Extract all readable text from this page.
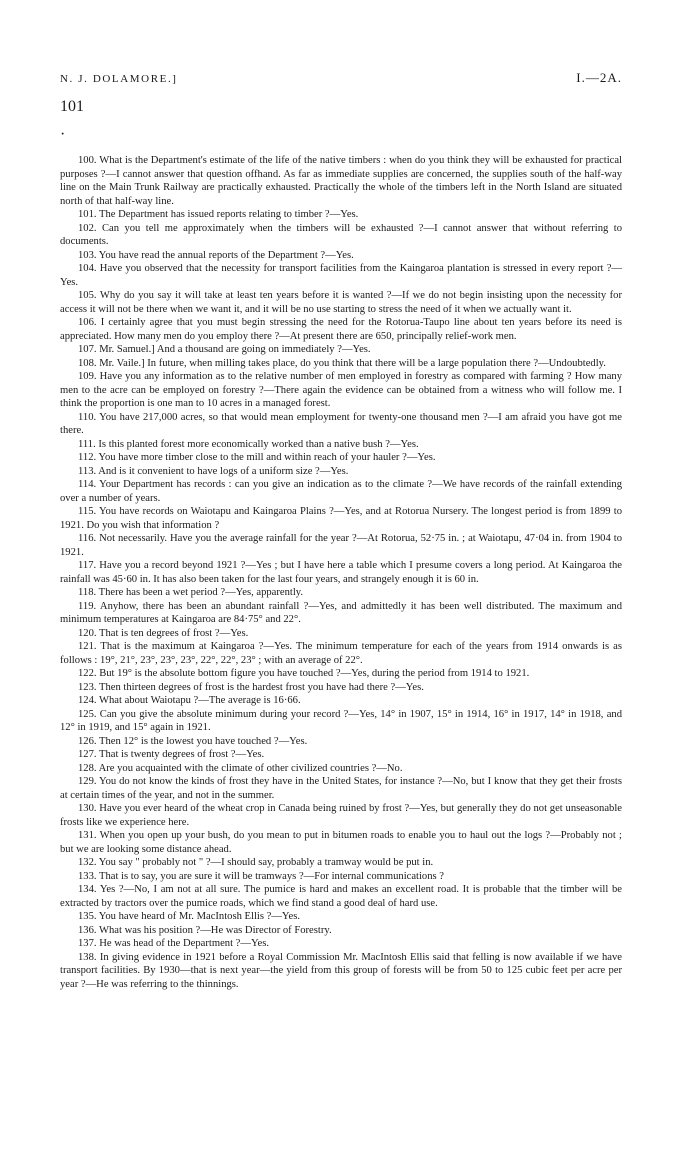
N. J. DOLAMORE.]	I.—2A.
101
·

100. What is the Department's estimate of the life of the native timbers : when do you think they will be exhausted for practical purposes ?—I cannot answer that question offhand. As far as immediate supplies are concerned, the supplies south of the half-way line on the Main Trunk Railway are practically exhausted. Practically the whole of the timbers left in the North Island are situated north of that half-way line.

101. The Department has issued reports relating to timber ?—Yes.

102. Can you tell me approximately when the timbers will be exhausted ?—I cannot answer that without referring to documents.

103. You have read the annual reports of the Department ?—Yes.

104. Have you observed that the necessity for transport facilities from the Kaingaroa plantation is stressed in every report ?—Yes.

105. Why do you say it will take at least ten years before it is wanted ?—If we do not begin insisting upon the necessity for access it will not be there when we want it, and it will be no use starting to stress the need of it when we actually want it.

106. I certainly agree that you must begin stressing the need for the Rotorua-Taupo line about ten years before its need is appreciated. How many men do you employ there ?—At present there are 650, principally relief-work men.

107. Mr. Samuel.] And a thousand are going on immediately ?—Yes.

108. Mr. Vaile.] In future, when milling takes place, do you think that there will be a large population there ?—Undoubtedly.

109. Have you any information as to the relative number of men employed in forestry as compared with farming ? How many men to the acre can be employed on forestry ?—There again the evidence can be obtained from a witness who will follow me. I think the proportion is one man to 10 acres in a managed forest.

110. You have 217,000 acres, so that would mean employment for twenty-one thousand men ?—I am afraid you have got me there.

111. Is this planted forest more economically worked than a native bush ?—Yes.

112. You have more timber close to the mill and within reach of your hauler ?—Yes.

113. And is it convenient to have logs of a uniform size ?—Yes.

114. Your Department has records : can you give an indication as to the climate ?—We have records of the rainfall extending over a number of years.

115. You have records on Waiotapu and Kaingaroa Plains ?—Yes, and at Rotorua Nursery. The longest period is from 1899 to 1921. Do you wish that information ?

116. Not necessarily. Have you the average rainfall for the year ?—At Rotorua, 52·75 in. ; at Waiotapu, 47·04 in. from 1904 to 1921.

117. Have you a record beyond 1921 ?—Yes ; but I have here a table which I presume covers a long period. At Kaingaroa the rainfall was 45·60 in. It has also been taken for the last four years, and strangely enough it is 60 in.

118. There has been a wet period ?—Yes, apparently.

119. Anyhow, there has been an abundant rainfall ?—Yes, and admittedly it has been well distributed. The maximum and minimum temperatures at Kaingaroa are 84·75° and 22°.

120. That is ten degrees of frost ?—Yes.

121. That is the maximum at Kaingaroa ?—Yes. The minimum temperature for each of the years from 1914 onwards is as follows : 19°, 21°, 23°, 23°, 23°, 22°, 22°, 23° ; with an average of 22°.

122. But 19° is the absolute bottom figure you have touched ?—Yes, during the period from 1914 to 1921.

123. Then thirteen degrees of frost is the hardest frost you have had there ?—Yes.

124. What about Waiotapu ?—The average is 16·66.

125. Can you give the absolute minimum during your record ?—Yes, 14° in 1907, 15° in 1914, 16° in 1917, 14° in 1918, and 12° in 1919, and 15° again in 1921.

126. Then 12° is the lowest you have touched ?—Yes.

127. That is twenty degrees of frost ?—Yes.

128. Are you acquainted with the climate of other civilized countries ?—No.

129. You do not know the kinds of frost they have in the United States, for instance ?—No, but I know that they get their frosts at certain times of the year, and not in the summer.

130. Have you ever heard of the wheat crop in Canada being ruined by frost ?—Yes, but generally they do not get unseasonable frosts like we experience here.

131. When you open up your bush, do you mean to put in bitumen roads to enable you to haul out the logs ?—Probably not ; but we are looking some distance ahead.

132. You say " probably not " ?—I should say, probably a tramway would be put in.

133. That is to say, you are sure it will be tramways ?—For internal communications ?

134. Yes ?—No, I am not at all sure. The pumice is hard and makes an excellent road. It is probable that the timber will be extracted by tractors over the pumice roads, which we find stand a good deal of hard use.

135. You have heard of Mr. MacIntosh Ellis ?—Yes.

136. What was his position ?—He was Director of Forestry.

137. He was head of the Department ?—Yes.

138. In giving evidence in 1921 before a Royal Commission Mr. MacIntosh Ellis said that felling is now available if we have transport facilities. By 1930—that is next year—the yield from this group of forests will be from 50 to 125 cubic feet per acre per year ?—He was referring to the thinnings.
